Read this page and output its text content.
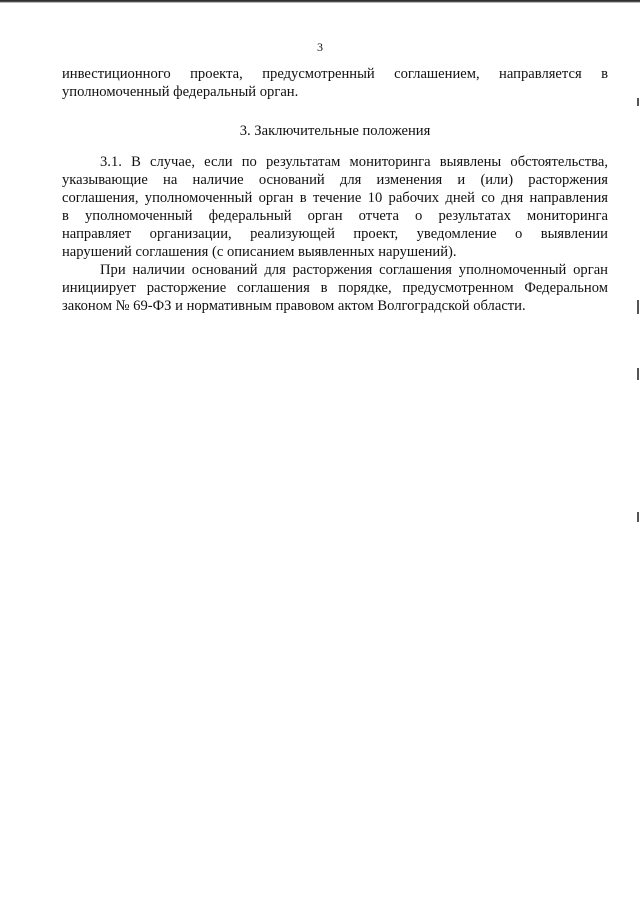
3
инвестиционного проекта, предусмотренный соглашением, направляется в
уполномоченный федеральный орган.
3. Заключительные положения
3.1. В случае, если по результатам мониторинга выявлены обстоятельства,
указывающие на наличие оснований для изменения и (или) расторжения
соглашения, уполномоченный орган в течение 10 рабочих дней со дня направления
в уполномоченный федеральный орган отчета о результатах мониторинга
направляет организации, реализующей проект, уведомление о выявлении
нарушений соглашения (с описанием выявленных нарушений).
При наличии оснований для расторжения соглашения уполномоченный орган
инициирует расторжение соглашения в порядке, предусмотренном Федеральном
законом № 69-ФЗ и нормативным правовом актом Волгоградской области.
